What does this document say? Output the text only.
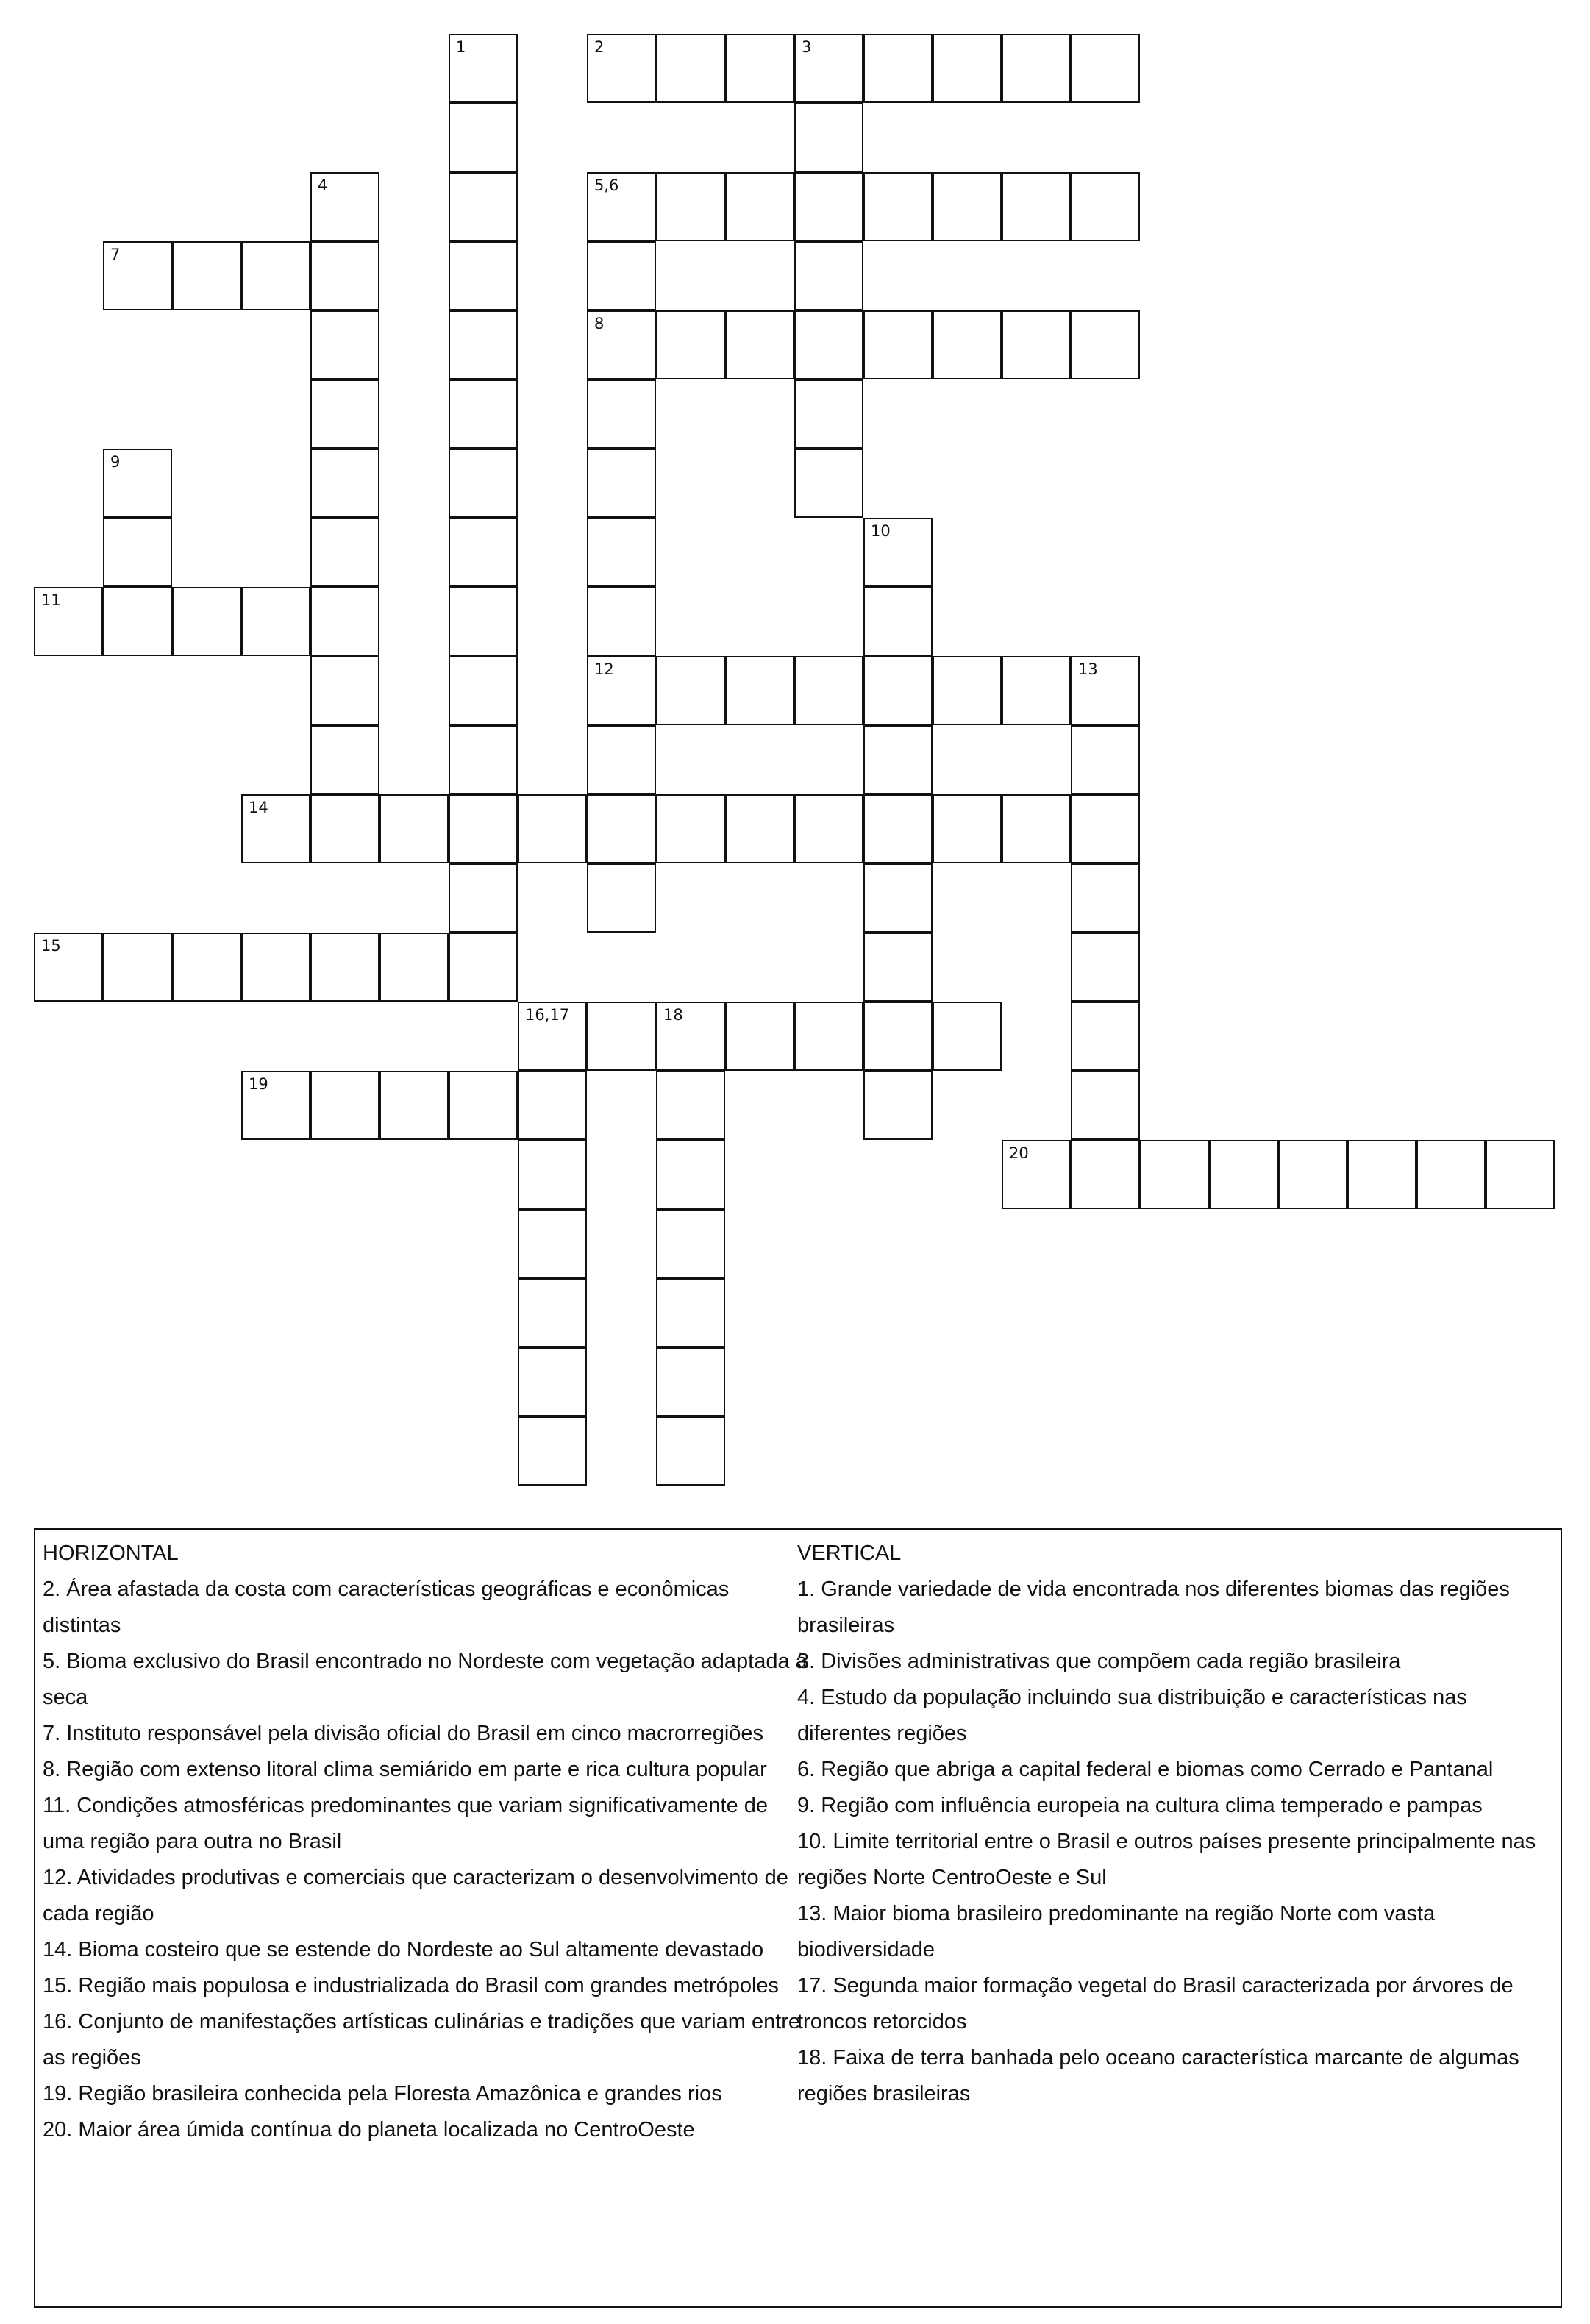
1	2	3
4	5,6
8
12
7
9
10
11
13
14
15
16,17	18
19
20
HORIZONTAL
2. Área afastada da costa com características geográficas e econômicas distintas
5. Bioma exclusivo do Brasil encontrado no Nordeste com vegetação adaptada à seca
7. Instituto responsável pela divisão oficial do Brasil em cinco macrorregiões
8. Região com extenso litoral clima semiárido em parte e rica cultura popular
11. Condições atmosféricas predominantes que variam significativamente de uma região para outra no Brasil
12. Atividades produtivas e comerciais que caracterizam o desenvolvimento de cada região
14. Bioma costeiro que se estende do Nordeste ao Sul altamente devastado
15. Região mais populosa e industrializada do Brasil com grandes metrópoles
16. Conjunto de manifestações artísticas culinárias e tradições que variam entre as regiões
19. Região brasileira conhecida pela Floresta Amazônica e grandes rios
20. Maior área úmida contínua do planeta localizada no CentroOeste
VERTICAL
1. Grande variedade de vida encontrada nos diferentes biomas das regiões brasileiras
3. Divisões administrativas que compõem cada região brasileira
4. Estudo da população incluindo sua distribuição e características nas diferentes regiões
6. Região que abriga a capital federal e biomas como Cerrado e Pantanal
9. Região com influência europeia na cultura clima temperado e pampas
10. Limite territorial entre o Brasil e outros países presente principalmente nas regiões Norte CentroOeste e Sul
13. Maior bioma brasileiro predominante na região Norte com vasta biodiversidade
17. Segunda maior formação vegetal do Brasil caracterizada por árvores de troncos retorcidos
18. Faixa de terra banhada pelo oceano característica marcante de algumas regiões brasileiras
